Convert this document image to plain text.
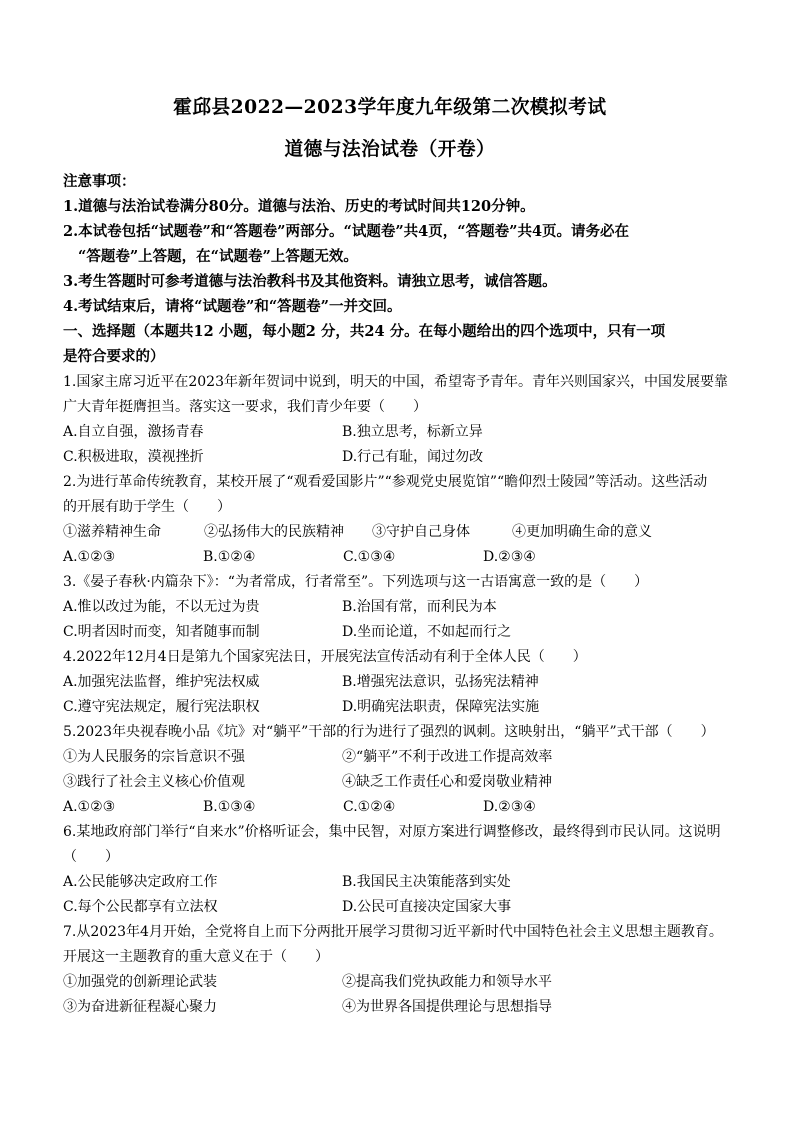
霍邱县2022—2023学年度九年级第二次模拟考试
道德与法治试卷（开卷）
注意事项：
1.道德与法治试卷满分80分。道德与法治、历史的考试时间共120分钟。
2.本试卷包括“试题卷”和“答题卷”两部分。“试题卷”共4页，“答题卷”共4页。请务必在
“答题卷”上答题，在“试题卷”上答题无效。
3.考生答题时可参考道德与法治教科书及其他资料。请独立思考，诚信答题。
4.考试结束后，请将“试题卷”和“答题卷”一并交回。
一、选择题（本题共12 小题，每小题2 分，共24 分。在每小题给出的四个选项中，只有一项
是符合要求的）
1.国家主席习近平在2023年新年贺词中说到，明天的中国，希望寄予青年。青年兴则国家兴，中国发展要靠
广大青年挺膺担当。落实这一要求，我们青少年要（　　）
A.自立自强，激扬青春	B.独立思考，标新立异
C.积极进取，漠视挫折	D.行己有耻，闻过勿改
2.为进行革命传统教育，某校开展了“观看爱国影片”“参观党史展览馆”“瞻仰烈士陵园”等活动。这些活动
的开展有助于学生（　　）
①滋养精神生命	②弘扬伟大的民族精神 ③守护自己身体	④更加明确生命的意义
A.①②③	B.①②④	C.①③④	D.②③④
3.《晏子春秋·内篇杂下》：“为者常成，行者常至”。下列选项与这一古语寓意一致的是（　　）
A.惟以改过为能，不以无过为贵	B.治国有常，而利民为本
C.明者因时而变，知者随事而制	D.坐而论道，不如起而行之
4.2022年12月4日是第九个国家宪法日，开展宪法宣传活动有利于全体人民（　　）
A.加强宪法监督，维护宪法权威	B.增强宪法意识，弘扬宪法精神
C.遵守宪法规定，履行宪法职权	D.明确宪法职责，保障宪法实施
5.2023年央视春晚小品《坑》对“躺平”干部的行为进行了强烈的讽刺。这映射出，“躺平”式干部（　　）
①为人民服务的宗旨意识不强	②“躺平”不利于改进工作提高效率
③践行了社会主义核心价值观	④缺乏工作责任心和爱岗敬业精神
A.①②③	B.①③④	C.①②④	D.②③④
6.某地政府部门举行“自来水”价格听证会，集中民智，对原方案进行调整修改，最终得到市民认同。这说明
（　　）
A.公民能够决定政府工作	B.我国民主决策能落到实处
C.每个公民都享有立法权	D.公民可直接决定国家大事
7.从2023年4月开始，全党将自上而下分两批开展学习贯彻习近平新时代中国特色社会主义思想主题教育。
开展这一主题教育的重大意义在于（　　）
①加强党的创新理论武装	②提高我们党执政能力和领导水平
③为奋进新征程凝心聚力	④为世界各国提供理论与思想指导
